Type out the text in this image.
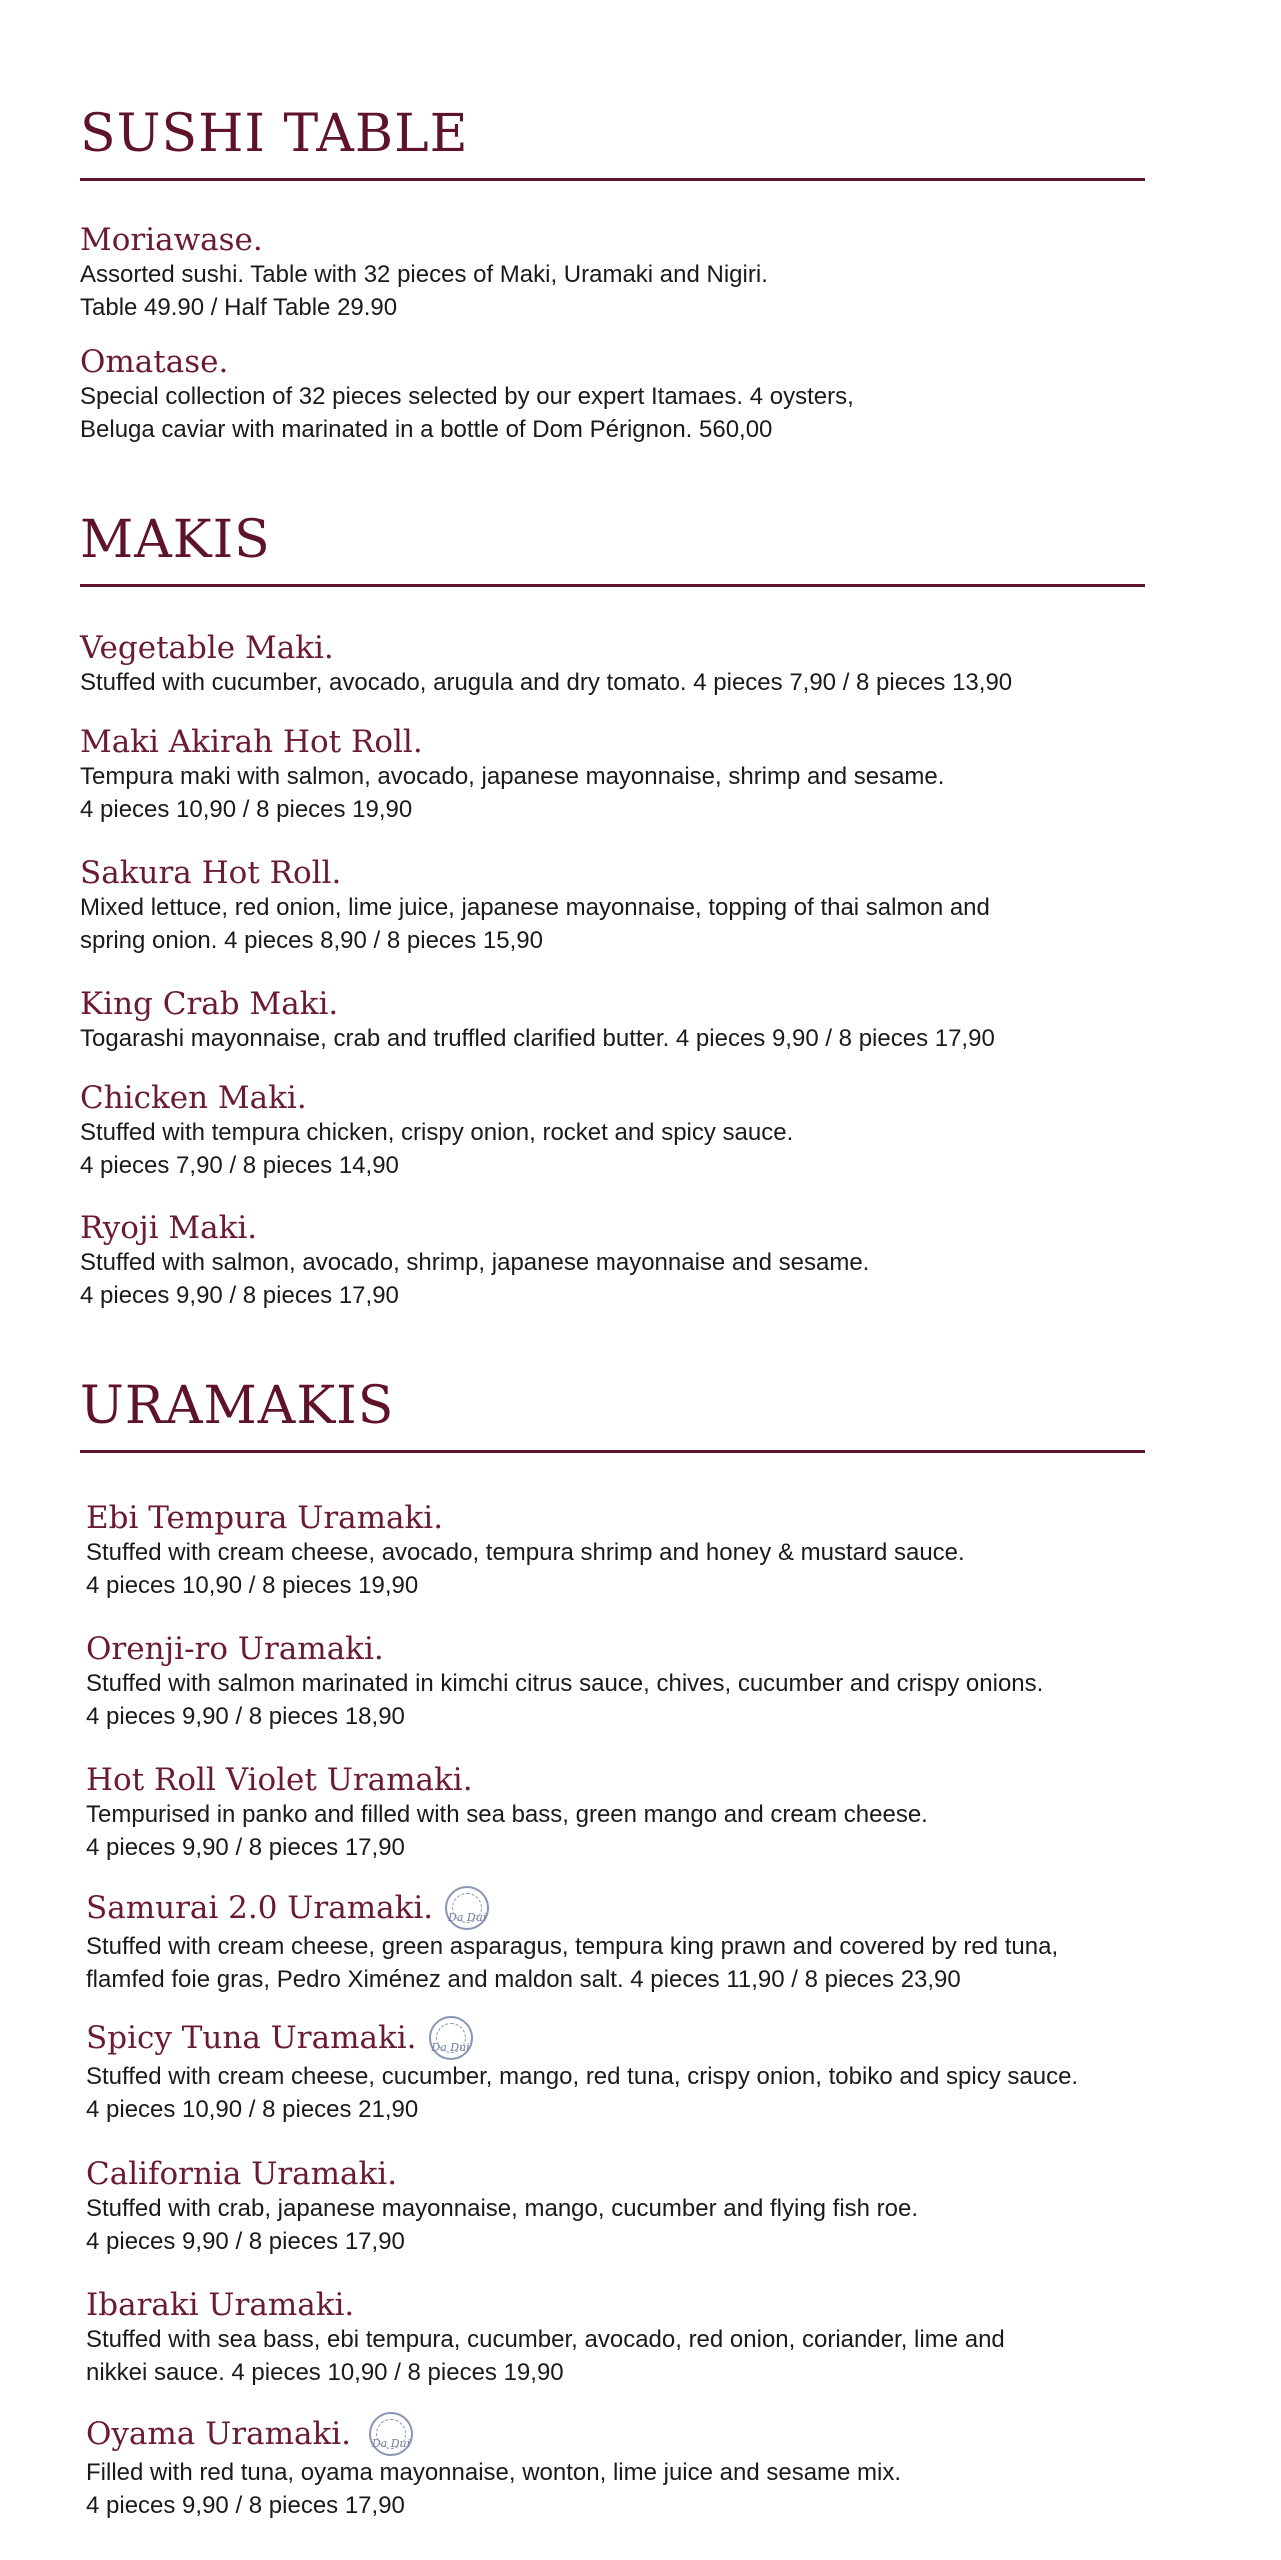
SUSHI TABLE
Moriawase.
Assorted sushi. Table with 32 pieces of Maki, Uramaki and Nigiri.
Table 49.90 / Half Table 29.90
Omatase.
Special collection of 32 pieces selected by our expert Itamaes. 4 oysters,
Beluga caviar with marinated in a bottle of Dom Pérignon. 560,00
MAKIS
Vegetable Maki.
Stuffed with cucumber, avocado, arugula and dry tomato. 4 pieces 7,90 / 8 pieces 13,90
Maki Akirah Hot Roll.
Tempura maki with salmon, avocado, japanese mayonnaise, shrimp and sesame.
4 pieces 10,90 / 8 pieces 19,90
Sakura Hot Roll.
Mixed lettuce, red onion, lime juice, japanese mayonnaise, topping of thai salmon and
spring onion. 4 pieces 8,90 / 8 pieces 15,90
King Crab Maki.
Togarashi mayonnaise, crab and truffled clarified butter. 4 pieces 9,90 / 8 pieces 17,90
Chicken Maki.
Stuffed with tempura chicken, crispy onion, rocket and spicy sauce.
4 pieces 7,90 / 8 pieces 14,90
Ryoji Maki.
Stuffed with salmon, avocado, shrimp, japanese mayonnaise and sesame.
4 pieces 9,90 / 8 pieces 17,90
URAMAKIS
Ebi Tempura Uramaki.
Stuffed with cream cheese, avocado, tempura shrimp and honey & mustard sauce.
4 pieces 10,90 / 8 pieces 19,90
Orenji-ro Uramaki.
Stuffed with salmon marinated in kimchi citrus sauce, chives, cucumber and crispy onions.
4 pieces 9,90 / 8 pieces 18,90
Hot Roll Violet Uramaki.
Tempurised in panko and filled with sea bass, green mango and cream cheese.
4 pieces 9,90 / 8 pieces 17,90
Samurai 2.0 Uramaki. Da Dui
Stuffed with cream cheese, green asparagus, tempura king prawn and covered by red tuna,
flamfed foie gras, Pedro Ximénez and maldon salt. 4 pieces 11,90 / 8 pieces 23,90
Spicy Tuna Uramaki. Da Dui
Stuffed with cream cheese, cucumber, mango, red tuna, crispy onion, tobiko and spicy sauce.
4 pieces 10,90 / 8 pieces 21,90
California Uramaki.
Stuffed with crab, japanese mayonnaise, mango, cucumber and flying fish roe.
4 pieces 9,90 / 8 pieces 17,90
Ibaraki Uramaki.
Stuffed with sea bass, ebi tempura, cucumber, avocado, red onion, coriander, lime and
nikkei sauce. 4 pieces 10,90 / 8 pieces 19,90
Oyama Uramaki. Da Dui
Filled with red tuna, oyama mayonnaise, wonton, lime juice and sesame mix.
4 pieces 9,90 / 8 pieces 17,90
